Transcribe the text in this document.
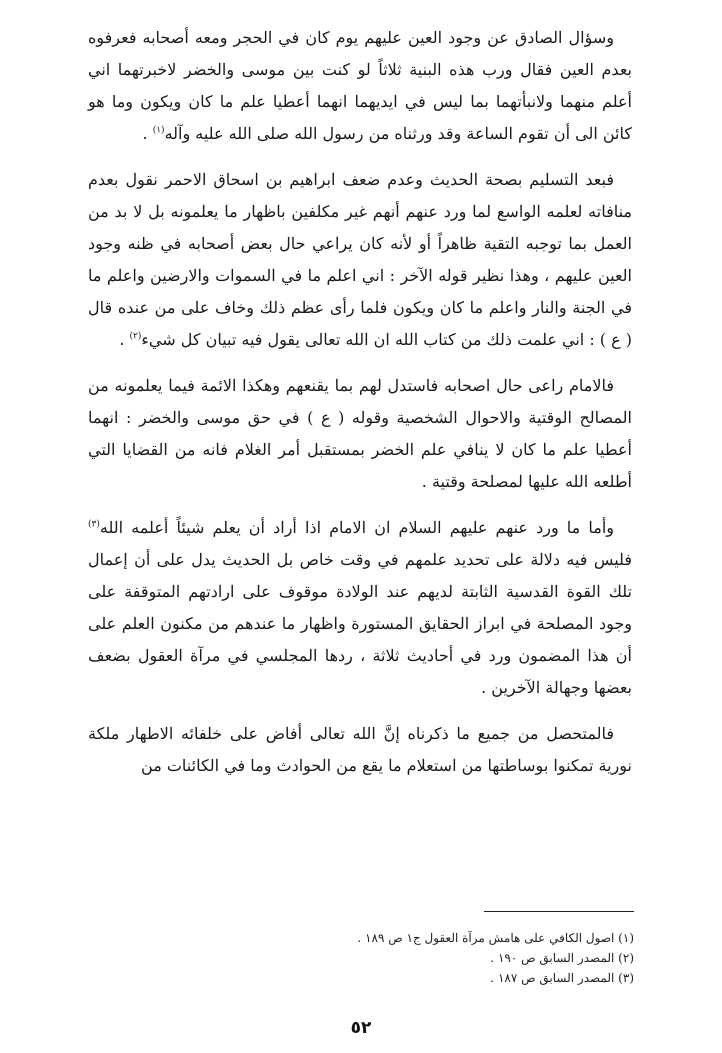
وسؤال الصادق عن وجود العين عليهم يوم كان في الحجر ومعه أصحابه فعرفوه بعدم العين فقال ورب هذه البنية ثلاثاً لو كنت بين موسى والخضر لاخبرتهما اني أعلم منهما ولانبأتهما بما ليس في ايديهما انهما أعطيا علم ما كان ويكون وما هو كائن الى أن تقوم الساعة وقد ورثناه من رسول الله صلى الله عليه وآله$^{(١)}$ .

فبعد التسليم بصحة الحديث وعدم ضعف ابراهيم بن اسحاق الاحمر نقول بعدم منافاته لعلمه الواسع لما ورد عنهم أنهم غير مكلفين باظهار ما يعلمونه بل لا بد من العمل بما توجبه التقية ظاهراً أو لأنه كان يراعي حال بعض أصحابه في ظنه وجود العين عليهم ، وهذا نظير قوله الآخر : اني اعلم ما في السموات والارضين واعلم ما في الجنة والنار واعلم ما كان ويكون فلما رأى عظم ذلك وخاف على من عنده قال ( ع ) : اني علمت ذلك من كتاب الله ان الله تعالى يقول فيه تبيان كل شيء$^{(٢)}$ .

فالامام راعى حال اصحابه فاستدل لهم بما يقنعهم وهكذا الائمة فيما يعلمونه من المصالح الوقتية والاحوال الشخصية وقوله ( ع ) في حق موسى والخضر : انهما أعطيا علم ما كان لا ينافي علم الخضر بمستقبل أمر الغلام فانه من القضايا التي أطلعه الله عليها لمصلحة وقتية .

وأما ما ورد عنهم عليهم السلام ان الامام اذا أراد أن يعلم شيئاً أعلمه الله$^{(٣)}$ فليس فيه دلالة على تحديد علمهم في وقت خاص بل الحديث يدل على أن إعمال تلك القوة القدسية الثابتة لديهم عند الولادة موقوف على ارادتهم المتوقفة على وجود المصلحة في ابراز الحقايق المستورة واظهار ما عندهم من مكنون العلم على أن هذا المضمون ورد في أحاديث ثلاثة ، ردها المجلسي في مرآة العقول بضعف بعضها وجهالة الآخرين .

فالمتحصل من جميع ما ذكرناه إنَّ الله تعالى أفاض على خلفائه الاطهار ملكة نورية تمكنوا بوساطتها من استعلام ما يقع من الحوادث وما في الكائنات من

(١) اصول الكافي على هامش مرآة العقول ج١ ص ١٨٩ .

(٢) المصدر السابق ص ١٩٠ .

(٣) المصدر السابق ص ١٨٧ .

٥٢
